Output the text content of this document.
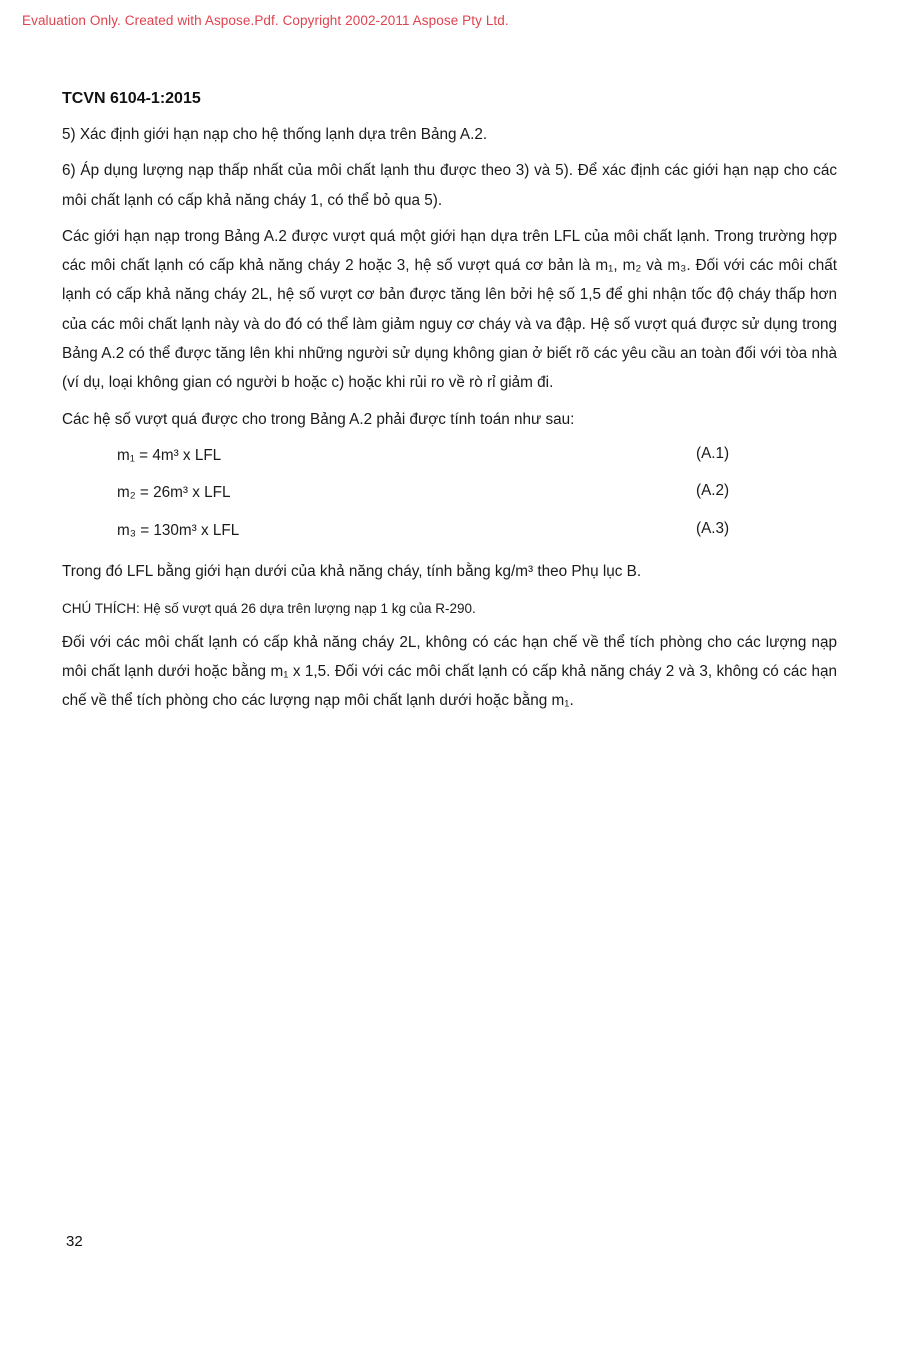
Evaluation Only. Created with Aspose.Pdf. Copyright 2002-2011 Aspose Pty Ltd.
TCVN 6104-1:2015

5) Xác định giới hạn nạp cho hệ thống lạnh dựa trên Bảng A.2.

6) Áp dụng lượng nạp thấp nhất của môi chất lạnh thu được theo 3) và 5). Để xác định các giới hạn nạp cho các môi chất lạnh có cấp khả năng cháy 1, có thể bỏ qua 5).

Các giới hạn nạp trong Bảng A.2 được vượt quá một giới hạn dựa trên LFL của môi chất lạnh. Trong trường hợp các môi chất lạnh có cấp khả năng cháy 2 hoặc 3, hệ số vượt quá cơ bản là m₁, m₂ và m₃. Đối với các môi chất lạnh có cấp khả năng cháy 2L, hệ số vượt cơ bản được tăng lên bởi hệ số 1,5 để ghi nhận tốc độ cháy thấp hơn của các môi chất lạnh này và do đó có thể làm giảm nguy cơ cháy và va đập. Hệ số vượt quá được sử dụng trong Bảng A.2 có thể được tăng lên khi những người sử dụng không gian ở biết rõ các yêu cầu an toàn đối với tòa nhà (ví dụ, loại không gian có người b hoặc c) hoặc khi rủi ro về rò rỉ giảm đi.

Các hệ số vượt quá được cho trong Bảng A.2 phải được tính toán như sau:

m₁ = 4m³ x LFL	(A.1)
m₂ = 26m³ x LFL	(A.2)
m₃ = 130m³ x LFL	(A.3)

Trong đó LFL bằng giới hạn dưới của khả năng cháy, tính bằng kg/m³ theo Phụ lục B.

CHÚ THÍCH: Hệ số vượt quá 26 dựa trên lượng nạp 1 kg của R-290.

Đối với các môi chất lạnh có cấp khả năng cháy 2L, không có các hạn chế về thể tích phòng cho các lượng nạp môi chất lạnh dưới hoặc bằng m₁ x 1,5. Đối với các môi chất lạnh có cấp khả năng cháy 2 và 3, không có các hạn chế về thể tích phòng cho các lượng nạp môi chất lạnh dưới hoặc bằng m₁.

32
